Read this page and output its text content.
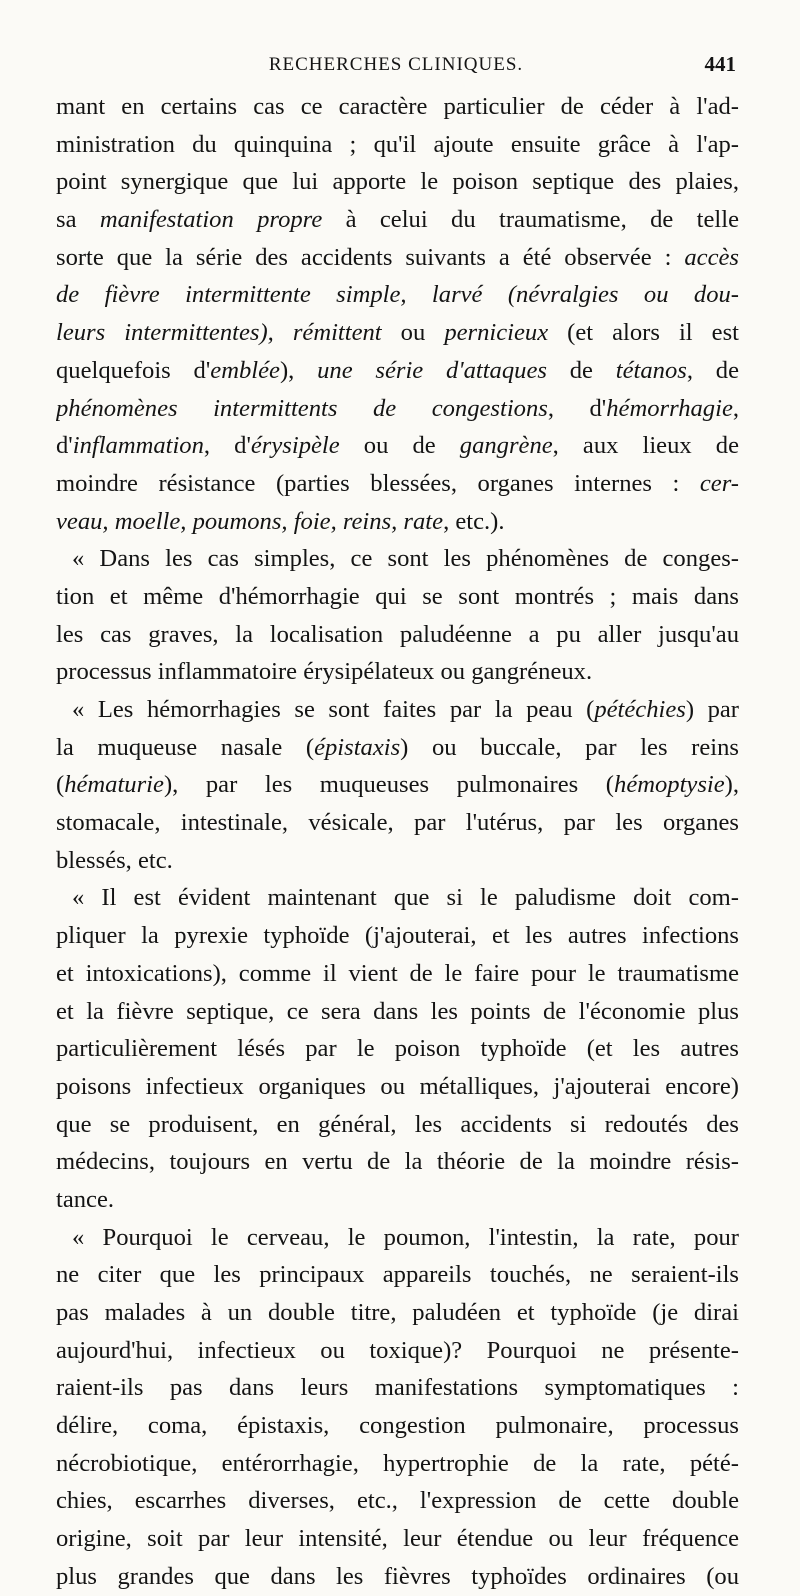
RECHERCHES CLINIQUES.	441
mant en certains cas ce caractère particulier de céder à l'ad-
ministration du quinquina ; qu'il ajoute ensuite grâce à l'ap-
point synergique que lui apporte le poison septique des plaies,
sa manifestation propre à celui du traumatisme, de telle
sorte que la série des accidents suivants a été observée : accès
de fièvre intermittente simple, larvé (névralgies ou dou-
leurs intermittentes), rémittent ou pernicieux (et alors il est
quelquefois d'emblée), une série d'attaques de tétanos, de
phénomènes intermittents de congestions, d'hémorrhagie,
d'inflammation, d'érysipèle ou de gangrène, aux lieux de
moindre résistance (parties blessées, organes internes : cer-
veau, moelle, poumons, foie, reins, rate, etc.).
« Dans les cas simples, ce sont les phénomènes de conges-
tion et même d'hémorrhagie qui se sont montrés ; mais dans
les cas graves, la localisation paludéenne a pu aller jusqu'au
processus inflammatoire érysipélateux ou gangréneux.
« Les hémorrhagies se sont faites par la peau (pétéchies) par
la muqueuse nasale (épistaxis) ou buccale, par les reins
(hématurie), par les muqueuses pulmonaires (hémoptysie),
stomacale, intestinale, vésicale, par l'utérus, par les organes
blessés, etc.
« Il est évident maintenant que si le paludisme doit com-
pliquer la pyrexie typhoïde (j'ajouterai, et les autres infections
et intoxications), comme il vient de le faire pour le traumatisme
et la fièvre septique, ce sera dans les points de l'économie plus
particulièrement lésés par le poison typhoïde (et les autres
poisons infectieux organiques ou métalliques, j'ajouterai encore)
que se produisent, en général, les accidents si redoutés des
médecins, toujours en vertu de la théorie de la moindre résis-
tance.
« Pourquoi le cerveau, le poumon, l'intestin, la rate, pour
ne citer que les principaux appareils touchés, ne seraient-ils
pas malades à un double titre, paludéen et typhoïde (je dirai
aujourd'hui, infectieux ou toxique)? Pourquoi ne présente-
raient-ils pas dans leurs manifestations symptomatiques :
délire, coma, épistaxis, congestion pulmonaire, processus
nécrobiotique, entérorrhagie, hypertrophie de la rate, pété-
chies, escarrhes diverses, etc., l'expression de cette double
origine, soit par leur intensité, leur étendue ou leur fréquence
plus grandes que dans les fièvres typhoïdes ordinaires (ou
